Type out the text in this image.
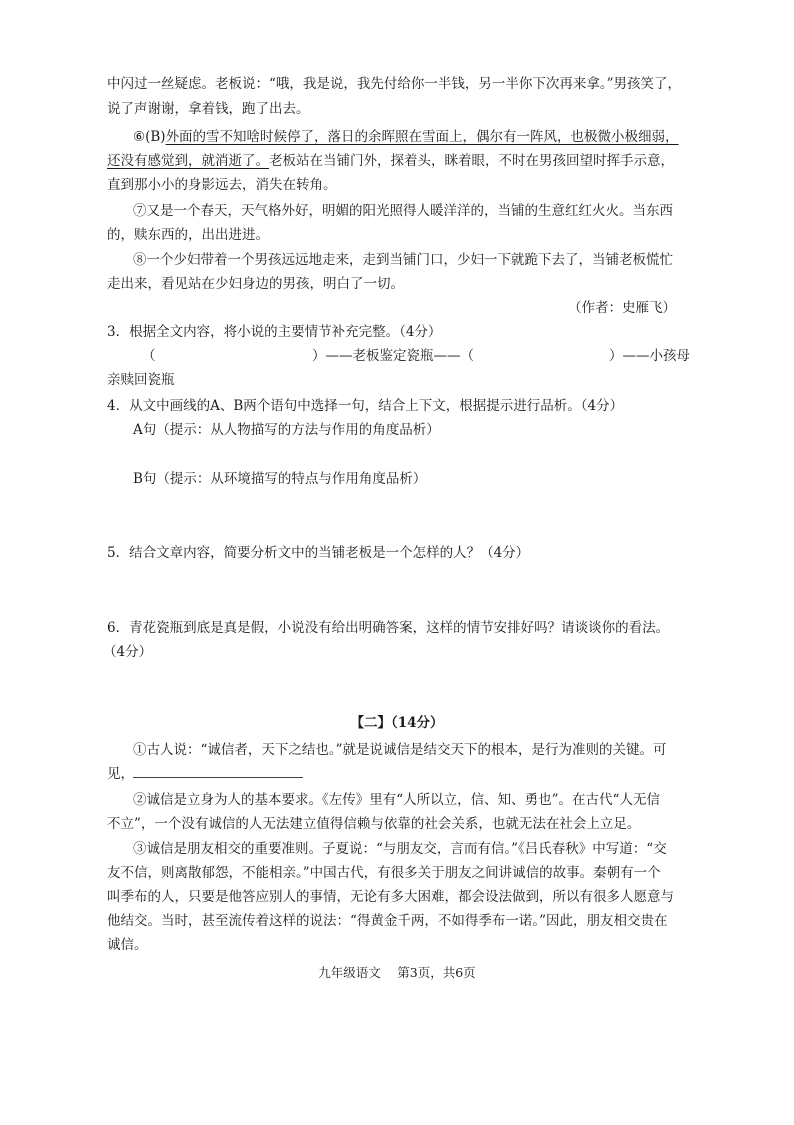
中闪过一丝疑虑。老板说：“哦，我是说，我先付给你一半钱，另一半你下次再来拿。”男孩笑了，
说了声谢谢，拿着钱，跑了出去。
⑥(B)外面的雪不知啥时候停了，落日的余晖照在雪面上，偶尔有一阵风，也极微小极细弱，
还没有感觉到，就消逝了。老板站在当铺门外，探着头，眯着眼，不时在男孩回望时挥手示意，
直到那小小的身影远去，消失在转角。
⑦又是一个春天，天气格外好，明媚的阳光照得人暖洋洋的，当铺的生意红红火火。当东西
的，赎东西的，出出进进。
⑧一个少妇带着一个男孩远远地走来，走到当铺门口，少妇一下就跪下去了，当铺老板慌忙
走出来，看见站在少妇身边的男孩，明白了一切。
（作者：史雁飞）
3．根据全文内容，将小说的主要情节补充完整。（4分）
（	）——老板鉴定瓷瓶——（	）——小孩母
亲赎回瓷瓶
4．从文中画线的A、B两个语句中选择一句，结合上下文，根据提示进行品析。（4分）
A句（提示：从人物描写的方法与作用的角度品析）
B句（提示：从环境描写的特点与作用角度品析）
5．结合文章内容，简要分析文中的当铺老板是一个怎样的人？（4分）
6．青花瓷瓶到底是真是假，小说没有给出明确答案，这样的情节安排好吗？请谈谈你的看法。
（4分）
【二】（14分）
①古人说：“诚信者，天下之结也。”就是说诚信是结交天下的根本，是行为准则的关键。可
见，
②诚信是立身为人的基本要求。《左传》里有“人所以立，信、知、勇也”。在古代“人无信
不立”，一个没有诚信的人无法建立值得信赖与依靠的社会关系，也就无法在社会上立足。
③诚信是朋友相交的重要准则。子夏说：“与朋友交，言而有信。”《吕氏春秋》中写道：“交
友不信，则离散郁怨，不能相亲。”中国古代，有很多关于朋友之间讲诚信的故事。秦朝有一个
叫季布的人，只要是他答应别人的事情，无论有多大困难，都会设法做到，所以有很多人愿意与
他结交。当时，甚至流传着这样的说法：“得黄金千两，不如得季布一诺。”因此，朋友相交贵在
诚信。
九年级语文　 第3页，共6页
